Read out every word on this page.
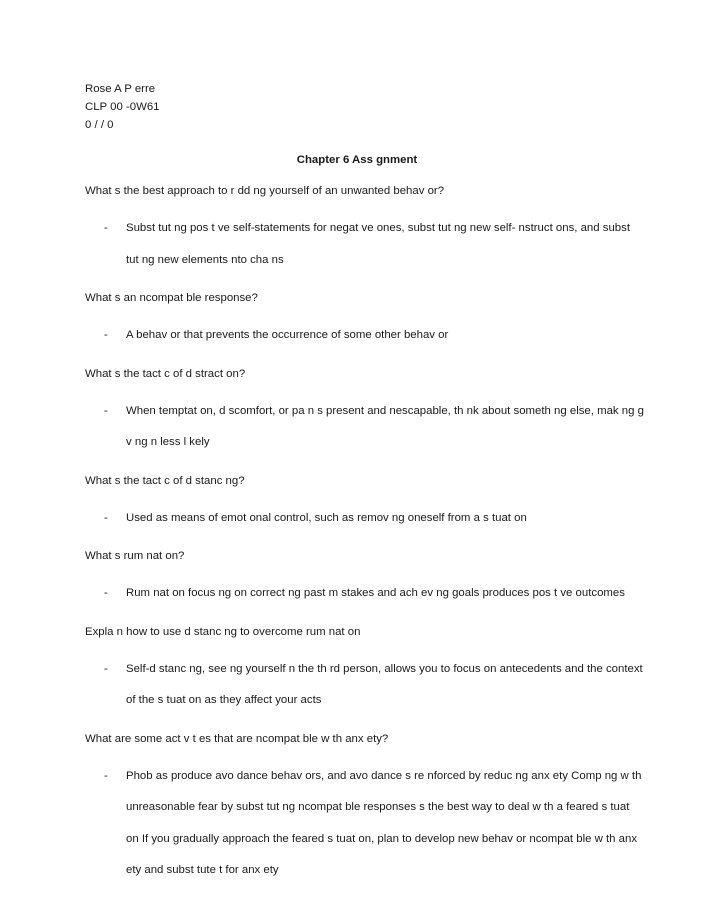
Rose A P erre
CLP 00 -0W61
0 / / 0
Chapter 6 Ass gnment
What s the best approach to r dd ng yourself of an unwanted behav or?
- Subst tut ng pos t ve self-statements for negat ve ones, subst tut ng new self- nstruct ons, and subst tut ng new elements nto cha ns
What s an ncompat ble response?
- A behav or that prevents the occurrence of some other behav or
What s the tact c of d stract on?
- When temptat on, d scomfort, or pa n s present and nescapable, th nk about someth ng else, mak ng g v ng n less l kely
What s the tact c of d stanc ng?
- Used as means of emot onal control, such as remov ng oneself from a s tuat on
What s rum nat on?
- Rum nat on focus ng on correct ng past m stakes and ach ev ng goals produces pos t ve outcomes
Expla n how to use d stanc ng to overcome rum nat on
- Self-d stanc ng, see ng yourself n the th rd person, allows you to focus on antecedents and the context of the s tuat on as they affect your acts
What are some act v t es that are ncompat ble w th anx ety?
- Phob as produce avo dance behav ors, and avo dance s re nforced by reduc ng anx ety Comp ng w th unreasonable fear by subst tut ng ncompat ble responses s the best way to deal w th a feared s tuat on If you gradually approach the feared s tuat on, plan to develop new behav or ncompat ble w th anx ety and subst tute t for anx ety
